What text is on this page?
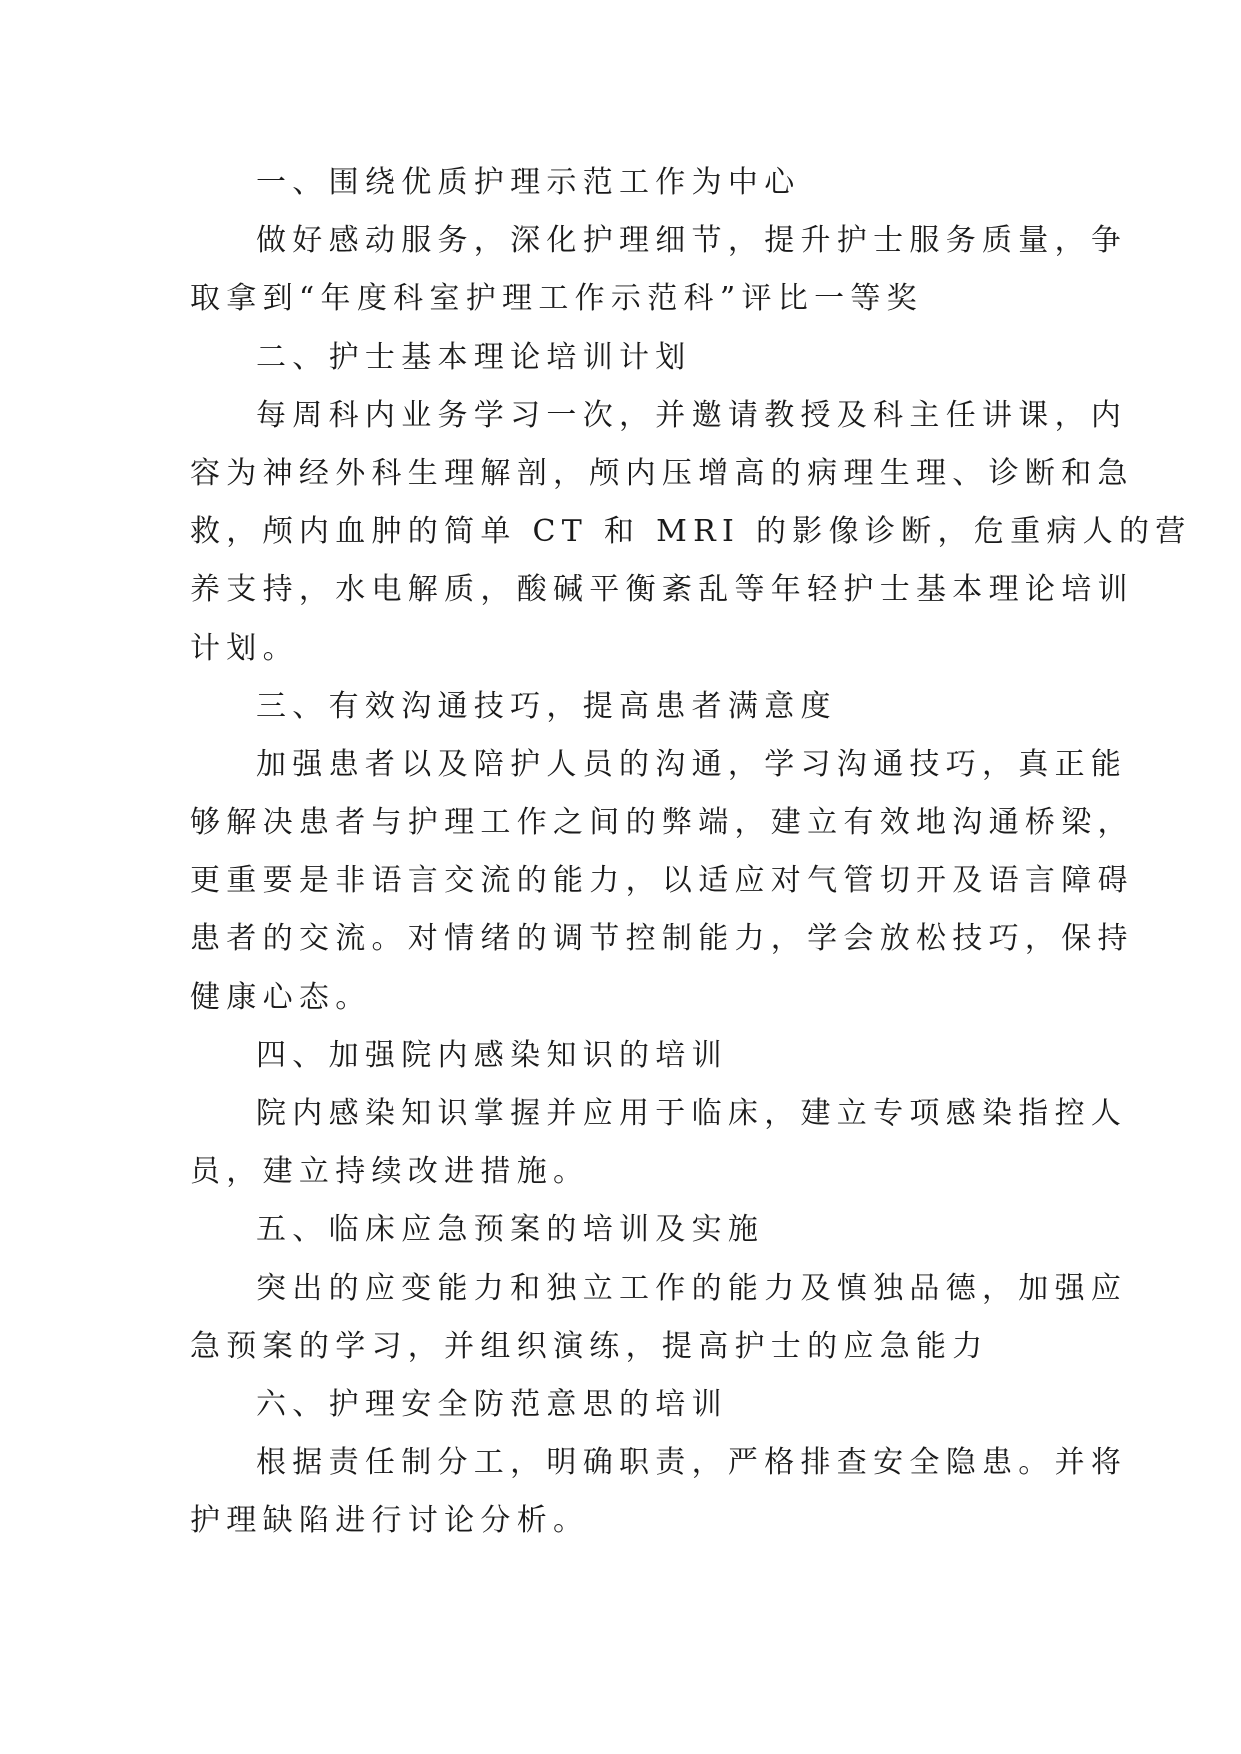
一、围绕优质护理示范工作为中心
做好感动服务，深化护理细节，提升护士服务质量，争
取拿到“年度科室护理工作示范科”评比一等奖
二、护士基本理论培训计划
每周科内业务学习一次，并邀请教授及科主任讲课，内
容为神经外科生理解剖，颅内压增高的病理生理、诊断和急
救，颅内血肿的简单 CT 和 MRI 的影像诊断，危重病人的营
养支持，水电解质，酸碱平衡紊乱等年轻护士基本理论培训
计划。
三、有效沟通技巧，提高患者满意度
加强患者以及陪护人员的沟通，学习沟通技巧，真正能
够解决患者与护理工作之间的弊端，建立有效地沟通桥梁，
更重要是非语言交流的能力，以适应对气管切开及语言障碍
患者的交流。对情绪的调节控制能力，学会放松技巧，保持
健康心态。
四、加强院内感染知识的培训
院内感染知识掌握并应用于临床，建立专项感染指控人
员，建立持续改进措施。
五、临床应急预案的培训及实施
突出的应变能力和独立工作的能力及慎独品德，加强应
急预案的学习，并组织演练，提高护士的应急能力
六、护理安全防范意思的培训
根据责任制分工，明确职责，严格排查安全隐患。并将
护理缺陷进行讨论分析。
